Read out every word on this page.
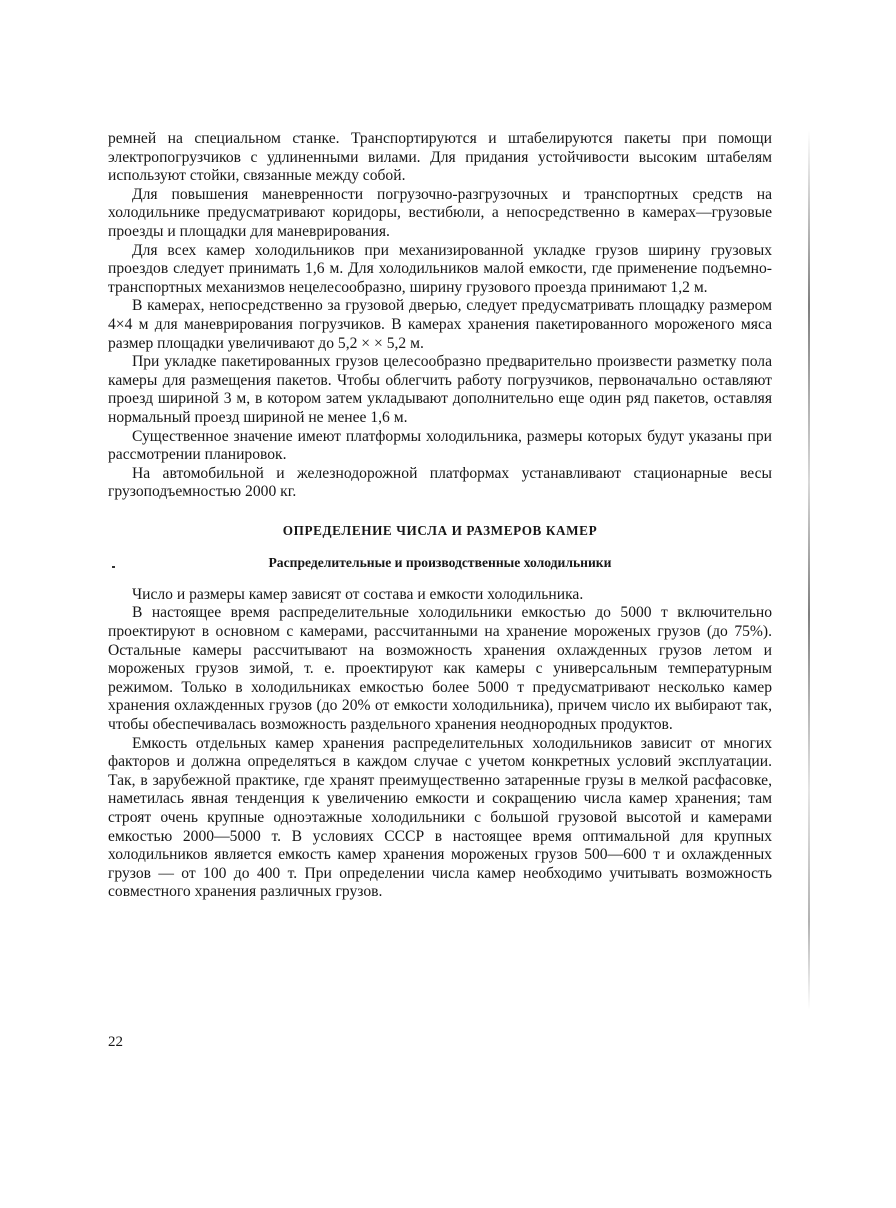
ремней на специальном станке. Транспортируются и штабелируются пакеты при помощи электропогрузчиков с удлиненными вилами. Для придания устойчивости высоким штабелям используют стойки, связанные между собой.

Для повышения маневренности погрузочно-разгрузочных и транспортных средств на холодильнике предусматривают коридоры, вестибюли, а непосредственно в камерах—грузовые проезды и площадки для маневрирования.

Для всех камер холодильников при механизированной укладке грузов ширину грузовых проездов следует принимать 1,6 м. Для холодильников малой емкости, где применение подъемно-транспортных механизмов нецелесообразно, ширину грузового проезда принимают 1,2 м.

В камерах, непосредственно за грузовой дверью, следует предусматривать площадку размером 4×4 м для маневрирования погрузчиков. В камерах хранения пакетированного мороженого мяса размер площадки увеличивают до 5,2 × × 5,2 м.

При укладке пакетированных грузов целесообразно предварительно произвести разметку пола камеры для размещения пакетов. Чтобы облегчить работу погрузчиков, первоначально оставляют проезд шириной 3 м, в котором затем укладывают дополнительно еще один ряд пакетов, оставляя нормальный проезд шириной не менее 1,6 м.

Существенное значение имеют платформы холодильника, размеры которых будут указаны при рассмотрении планировок.

На автомобильной и железнодорожной платформах устанавливают стационарные весы грузоподъемностью 2000 кг.

ОПРЕДЕЛЕНИЕ ЧИСЛА И РАЗМЕРОВ КАМЕР
Распределительные и производственные холодильники

Число и размеры камер зависят от состава и емкости холодильника.

В настоящее время распределительные холодильники емкостью до 5000 т включительно проектируют в основном с камерами, рассчитанными на хранение мороженых грузов (до 75%). Остальные камеры рассчитывают на возможность хранения охлажденных грузов летом и мороженых грузов зимой, т. е. проектируют как камеры с универсальным температурным режимом. Только в холодильниках емкостью более 5000 т предусматривают несколько камер хранения охлажденных грузов (до 20% от емкости холодильника), причем число их выбирают так, чтобы обеспечивалась возможность раздельного хранения неоднородных продуктов.

Емкость отдельных камер хранения распределительных холодильников зависит от многих факторов и должна определяться в каждом случае с учетом конкретных условий эксплуатации. Так, в зарубежной практике, где хранят преимущественно затаренные грузы в мелкой расфасовке, наметилась явная тенденция к увеличению емкости и сокращению числа камер хранения; там строят очень крупные одноэтажные холодильники с большой грузовой высотой и камерами емкостью 2000—5000 т. В условиях СССР в настоящее время оптимальной для крупных холодильников является емкость камер хранения мороженых грузов 500—600 т и охлажденных грузов — от 100 до 400 т. При определении числа камер необходимо учитывать возможность совместного хранения различных грузов.

22
